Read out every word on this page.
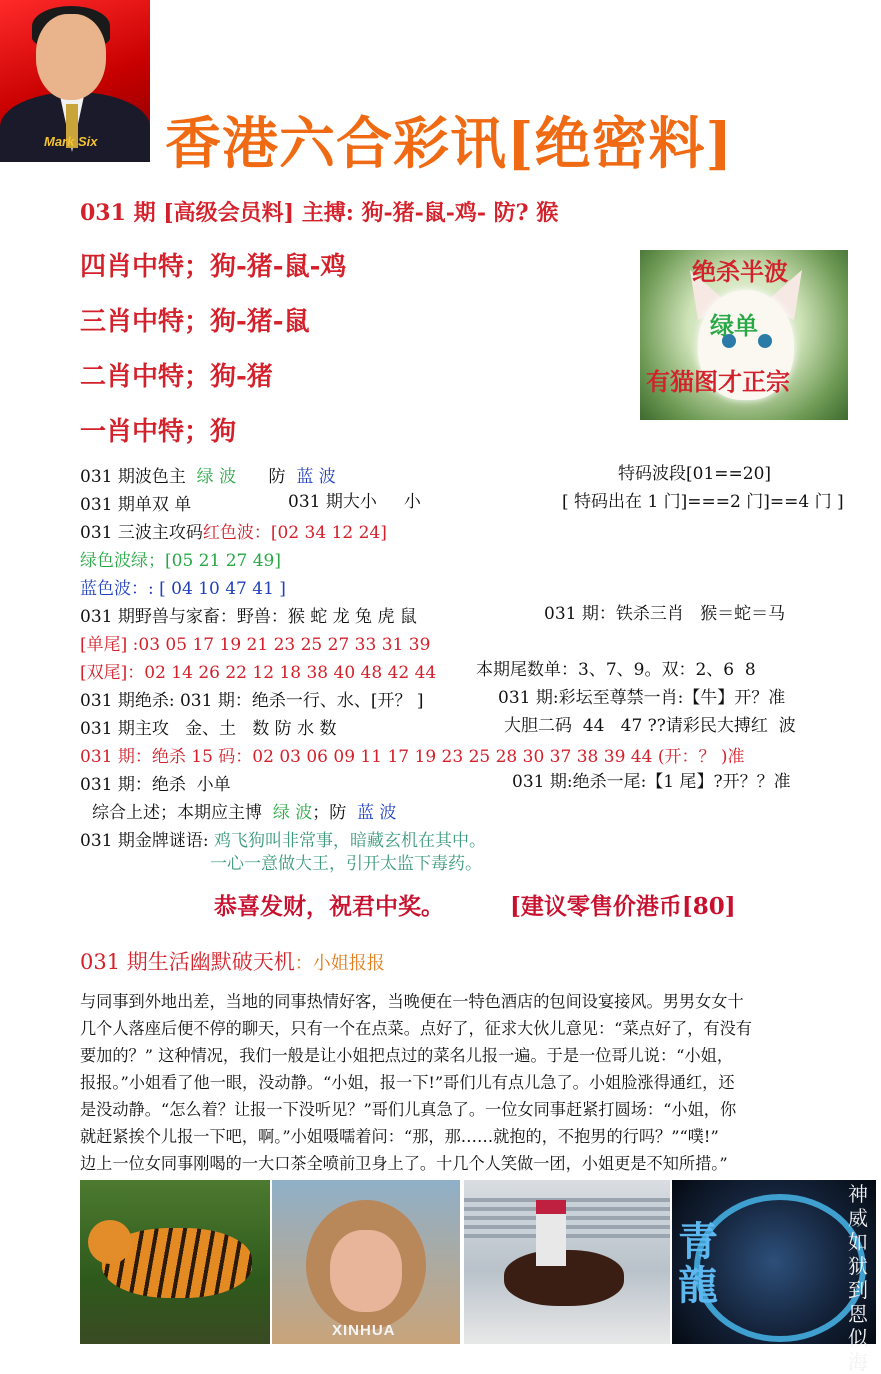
Mark Six 香港六合彩讯[绝密料]
031 期 [高级会员料] 主搏: 狗-猪-鼠-鸡- 防? 猴
四肖中特；狗-猪-鼠-鸡
三肖中特；狗-猪-鼠
二肖中特；狗-猪
一肖中特；狗
绝杀半波
绿单
有猫图才正宗
031 期波色主 绿 波 防 蓝 波	特码波段[01==20]
031 期单双 单	031 期大小     小	[ 特码出在 1 门]===2 门]==4 门 ]
031 三波主攻码红色波：[02 34 12 24]
绿色波绿；[05 21 27 49]
蓝色波：: [ 04 10 47 41 ]
031 期野兽与家畜：野兽：猴 蛇 龙 兔 虎 鼠	031 期：铁杀三肖   猴＝蛇＝马
[单尾] :03 05 17 19 21 23 25 27 33 31 39
[双尾]：02 14 26 22 12 18 38 40 48 42 44 本期尾数单：3、7、9。双：2、6  8
031 期绝杀: 031 期：绝杀一行、水、[开？ ]	031 期:彩坛至尊禁一肖:【牛】开？准
031 期主攻   金、土   数 防 水 数	大胆二码  44   47 ??请彩民大搏红  波
031 期：绝杀 15 码：02 03 06 09 11 17 19 23 25 28 30 37 38 39 44 (开：？ )准
031 期：绝杀  小单	031 期:绝杀一尾:【1 尾】?开？？准
综合上述；本期应主博 绿 波；防 蓝 波
031 期金牌谜语: 鸡飞狗叫非常事，暗藏玄机在其中。
一心一意做大王，引开太监下毒药。
恭喜发财，祝君中奖。	[建议零售价港币[80]
031 期生活幽默破天机：小姐报报
与同事到外地出差，当地的同事热情好客，当晚便在一特色酒店的包间设宴接风。男男女女十
几个人落座后便不停的聊天，只有一个在点菜。点好了，征求大伙儿意见：“菜点好了，有没有
要加的？” 这种情况，我们一般是让小姐把点过的菜名儿报一遍。于是一位哥儿说：“小姐，
报报。”小姐看了他一眼，没动静。“小姐，报一下!”哥们儿有点儿急了。小姐脸涨得通红，还
是没动静。“怎么着？让报一下没听见？”哥们儿真急了。一位女同事赶紧打圆场：“小姐，你
就赶紧挨个儿报一下吧，啊。”小姐嗫嚅着问：“那，那……就抱的，不抱男的行吗？”“噗!”
边上一位女同事刚喝的一大口茶全喷前卫身上了。十几个人笑做一团，小姐更是不知所措。”
XINHUA
青龍
神威如狱 到恩似海
